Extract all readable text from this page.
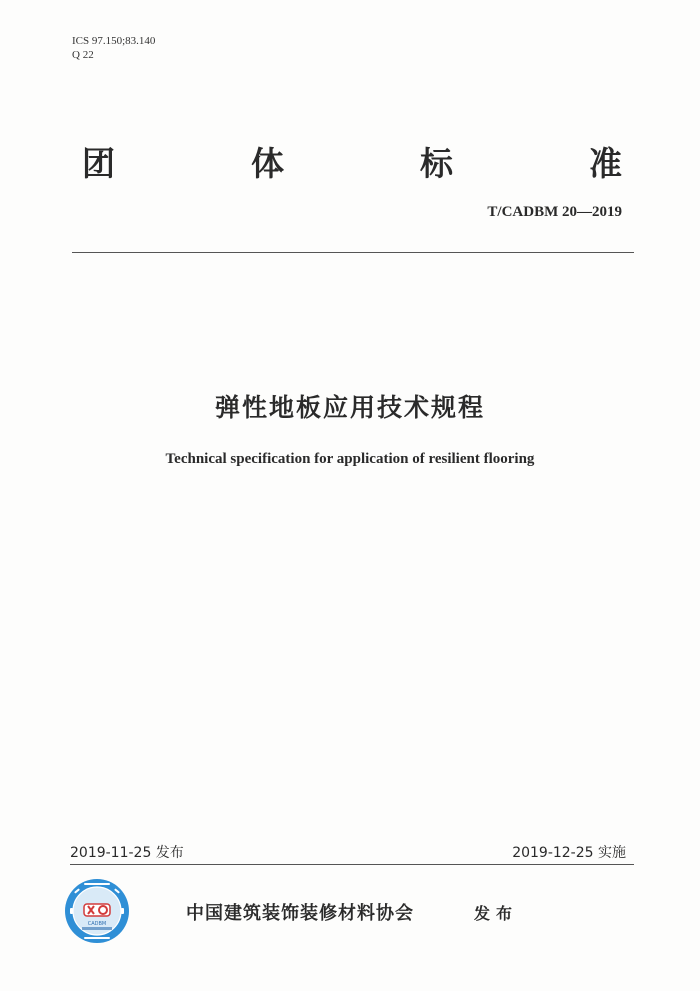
ICS 97.150;83.140
Q 22
团	体	标	准
T/CADBM 20—2019
弹性地板应用技术规程
Technical specification for application of resilient flooring
2019-11-25 发布	2019-12-25 实施
CADBM	中国建筑装饰装修材料协会	发布
